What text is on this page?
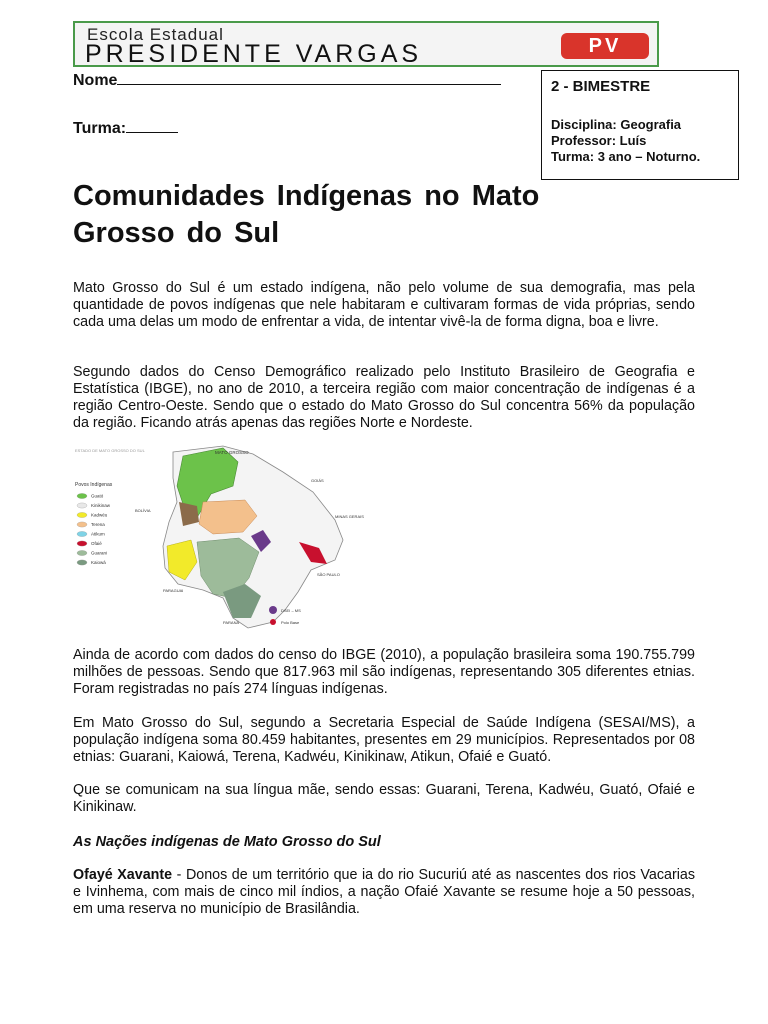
Escola Estadual
PRESIDENTE VARGAS	PV
Nome
Turma:
2 - BIMESTRE
Disciplina: Geografia
Professor: Luís
Turma: 3 ano – Noturno.
Comunidades Indígenas no Mato Grosso do Sul

Mato Grosso do Sul é um estado indígena, não pelo volume de sua demografia, mas pela quantidade de povos indígenas que nele habitaram e cultivaram formas de vida próprias, sendo cada uma delas um modo de enfrentar a vida, de intentar vivê-la de forma digna, boa e livre.

Segundo dados do Censo Demográfico realizado pelo Instituto Brasileiro de Geografia e Estatística (IBGE), no ano de 2010, a terceira região com maior concentração de indígenas é a região Centro-Oeste. Sendo que o estado do Mato Grosso do Sul concentra 56% da população da região. Ficando atrás apenas das regiões Norte e Nordeste.

ESTADO DE MATO GROSSO DO SUL
Povos Indígenas
Guató
Kinikinaw
Kadwéu
Terena
Atikum
Ofaié
Guarani
Kaiowá
MATO GROSSO
GOIÁS
BOLÍVIA
MINAS GERAIS
SÃO PAULO
PARAGUAI
PARANÁ
DSEI – MS
Polo Base

Ainda de acordo com dados do censo do IBGE (2010), a população brasileira soma 190.755.799 milhões de pessoas. Sendo que 817.963 mil são indígenas, representando 305 diferentes etnias. Foram registradas no país 274 línguas indígenas.

Em Mato Grosso do Sul, segundo a Secretaria Especial de Saúde Indígena (SESAI/MS), a população indígena soma 80.459 habitantes, presentes em 29 municípios. Representados por 08 etnias: Guarani, Kaiowá, Terena, Kadwéu, Kinikinaw, Atikun, Ofaié e Guató.

Que se comunicam na sua língua mãe, sendo essas: Guarani, Terena, Kadwéu, Guató, Ofaié e Kinikinaw.

As Nações indígenas de Mato Grosso do Sul

Ofayé Xavante - Donos de um território que ia do rio Sucuriú até as nascentes dos rios Vacarias e Ivinhema, com mais de cinco mil índios, a nação Ofaié Xavante se resume hoje a 50 pessoas, em uma reserva no município de Brasilândia.
